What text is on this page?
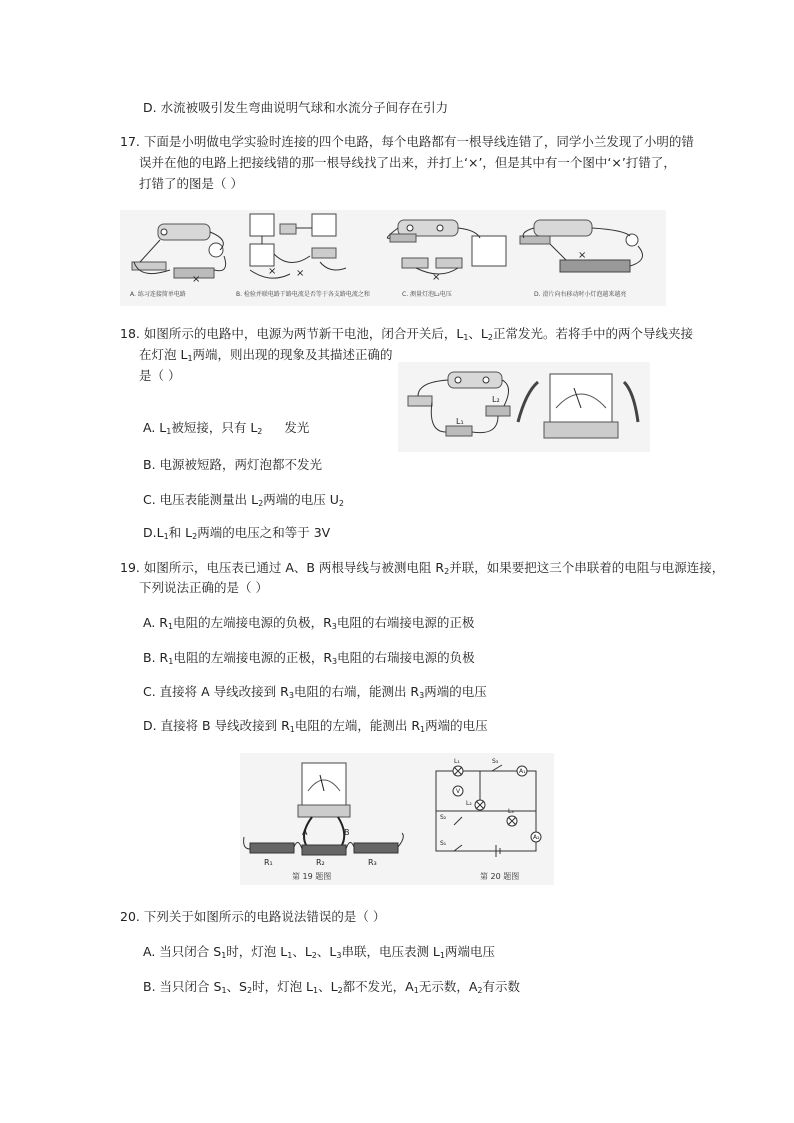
D. 水流被吸引发生弯曲说明气球和水流分子间存在引力
17. 下面是小明做电学实验时连接的四个电路，每个电路都有一根导线连错了，同学小兰发现了小明的错
误并在他的电路上把接线错的那一根导线找了出来，并打上‘×’，但是其中有一个图中‘×’打错了，
打错了的图是（ ）
×
× ×	×
×
A. 练习连接简单电路	B. 检验并联电路干路电流是否等于各支路电流之和	C. 测量灯泡L₂电压	D. 滑片向右移动时小灯泡越来越亮
18. 如图所示的电路中，电源为两节新干电池，闭合开关后，$L_1$、$L_2$正常发光。若将手中的两个导线夹接
在灯泡 $L_1$两端，则出现的现象及其描述正确的
是（ ）
L₂
L₁
A. $L_1$被短接，只有 $L_2$ 发光
B. 电源被短路，两灯泡都不发光
C. 电压表能测量出 $L_2$两端的电压 $U_2$
$D.L_1$和 $L_2$两端的电压之和等于 3V
19. 如图所示，电压表已通过 A、B 两根导线与被测电阻 $R_2$并联，如果要把这三个串联着的电阻与电源连接，
下列说法正确的是（ ）
A. $R_1$电阻的左端接电源的负极，$R_3$电阻的右端接电源的正极
B. $R_1$电阻的左端接电源的正极，$R_3$电阻的右瑞接电源的负极
C. 直接将 A 导线改接到 $R_3$电阻的右端，能测出 $R_3$两端的电压
D. 直接将 B 导线改接到 $R_1$电阻的左端，能测出 $R_1$两端的电压
A	B
R₁	R₂	R₃
第 19 题图
L₁	S₃
A₁
V
L₂
L₃
S₂
A₂
S₁
第 20 题图
20. 下列关于如图所示的电路说法错误的是（ ）
A. 当只闭合 $S_1$时，灯泡 $L_1$、$L_2$、$L_3$串联，电压表测 $L_1$两端电压
B. 当只闭合 $S_1$、$S_2$时，灯泡 $L_1$、$L_2$都不发光，$A_1$无示数，$A_2$有示数
